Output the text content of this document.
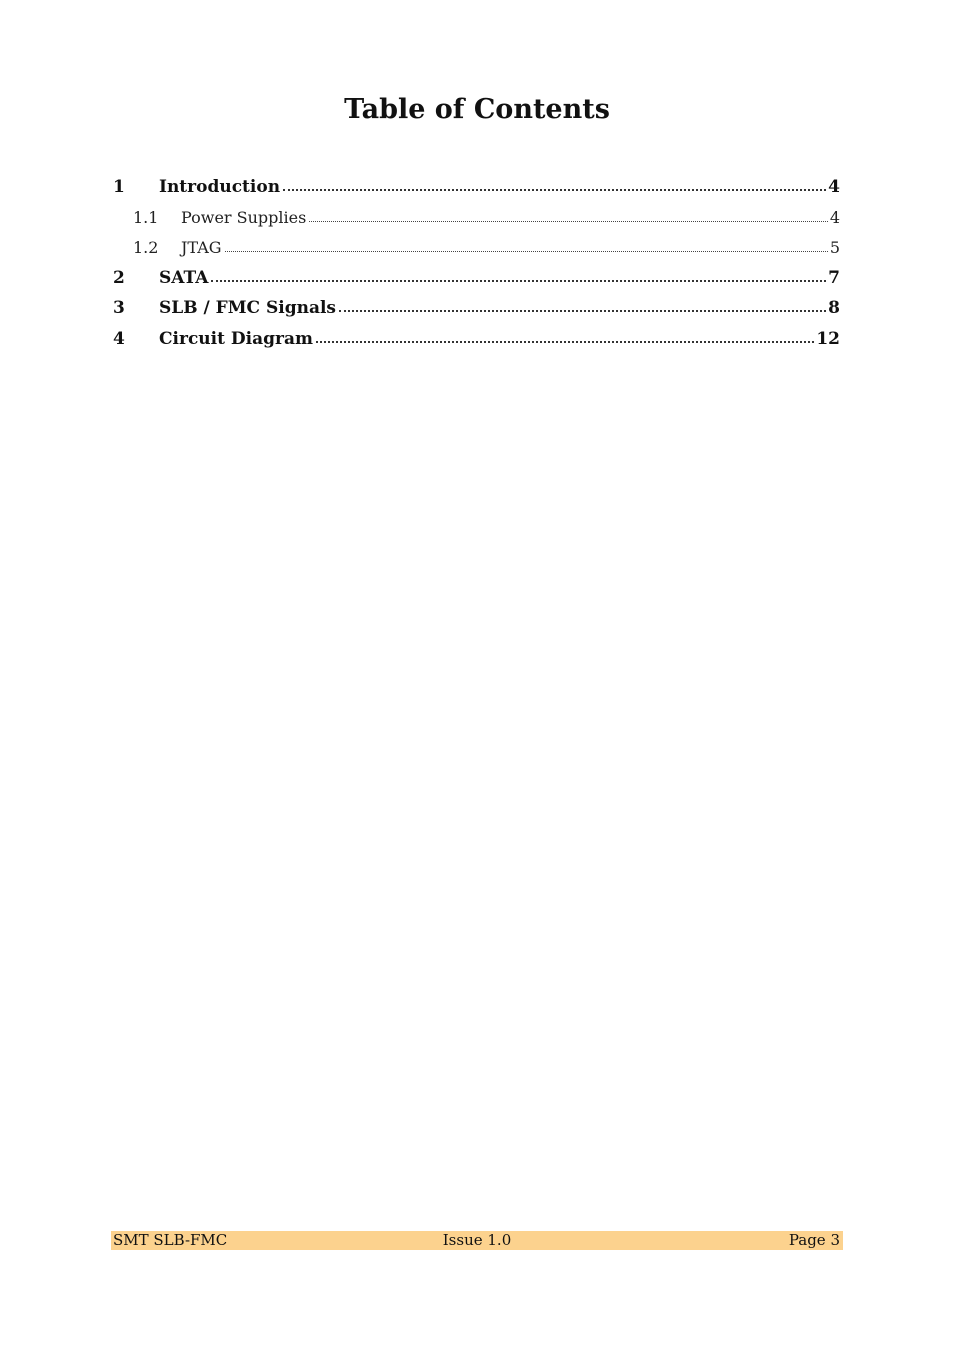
Table of Contents
1	Introduction	4
1.1	Power Supplies	4
1.2	JTAG	5
2	SATA	7
3	SLB / FMC Signals	8
4	Circuit Diagram	12
Issue 1.0
SMT SLB-FMC	Page 3
